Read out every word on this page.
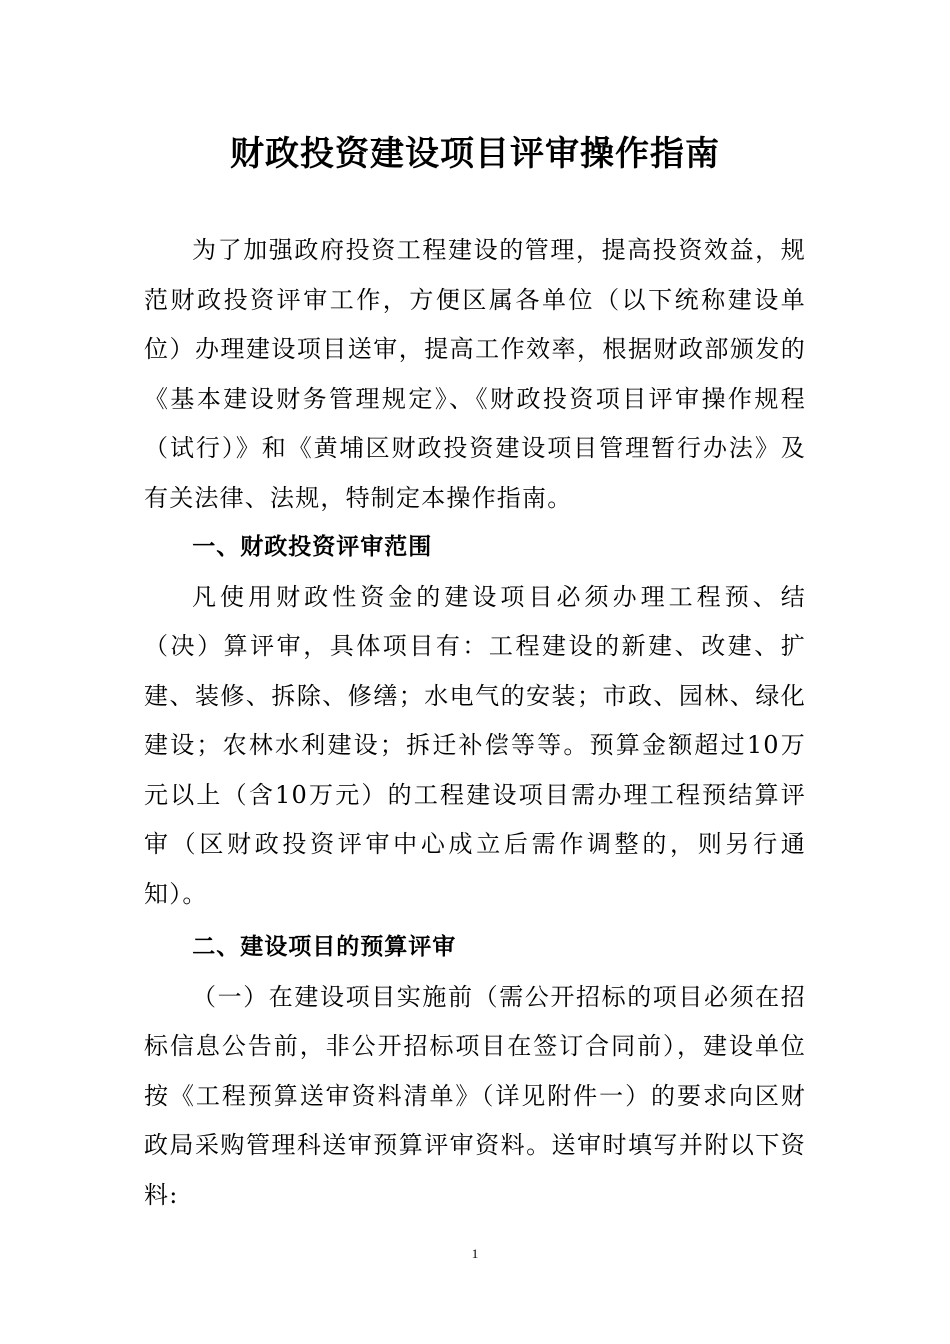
财政投资建设项目评审操作指南

为了加强政府投资工程建设的管理，提高投资效益，规范财政投资评审工作，方便区属各单位（以下统称建设单位）办理建设项目送审，提高工作效率，根据财政部颁发的《基本建设财务管理规定》、《财政投资项目评审操作规程（试行）》和《黄埔区财政投资建设项目管理暂行办法》及有关法律、法规，特制定本操作指南。

一、财政投资评审范围

凡使用财政性资金的建设项目必须办理工程预、结（决）算评审，具体项目有：工程建设的新建、改建、扩建、装修、拆除、修缮；水电气的安装；市政、园林、绿化建设；农林水利建设；拆迁补偿等等。预算金额超过10万元以上（含10万元）的工程建设项目需办理工程预结算评审（区财政投资评审中心成立后需作调整的，则另行通知）。

二、建设项目的预算评审

（一）在建设项目实施前（需公开招标的项目必须在招标信息公告前，非公开招标项目在签订合同前），建设单位按《工程预算送审资料清单》（详见附件一）的要求向区财政局采购管理科送审预算评审资料。送审时填写并附以下资料:

1
